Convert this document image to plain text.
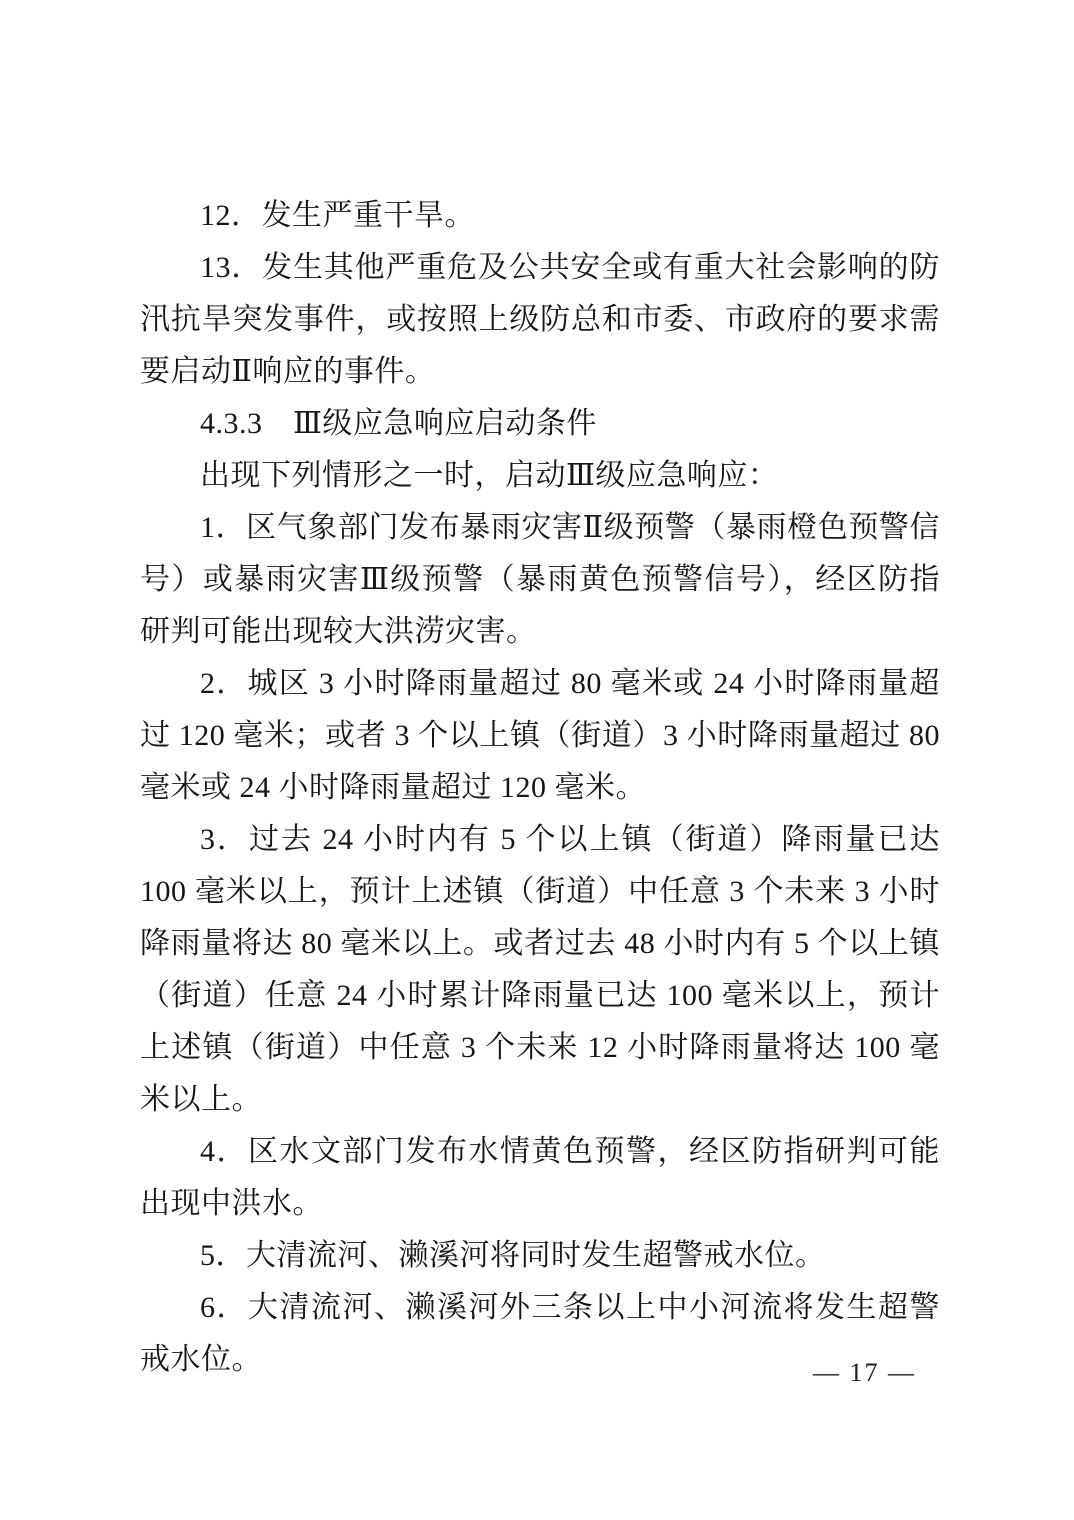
12．发生严重干旱。

13．发生其他严重危及公共安全或有重大社会影响的防汛抗旱突发事件，或按照上级防总和市委、市政府的要求需要启动Ⅱ响应的事件。

4.3.3　Ⅲ级应急响应启动条件

出现下列情形之一时，启动Ⅲ级应急响应：

1．区气象部门发布暴雨灾害Ⅱ级预警（暴雨橙色预警信号）或暴雨灾害Ⅲ级预警（暴雨黄色预警信号），经区防指研判可能出现较大洪涝灾害。

2．城区 3 小时降雨量超过 80 毫米或 24 小时降雨量超过 120 毫米；或者 3 个以上镇（街道）3 小时降雨量超过 80 毫米或 24 小时降雨量超过 120 毫米。

3．过去 24 小时内有 5 个以上镇（街道）降雨量已达 100 毫米以上，预计上述镇（街道）中任意 3 个未来 3 小时降雨量将达 80 毫米以上。或者过去 48 小时内有 5 个以上镇（街道）任意 24 小时累计降雨量已达 100 毫米以上，预计上述镇（街道）中任意 3 个未来 12 小时降雨量将达 100 毫米以上。

4．区水文部门发布水情黄色预警，经区防指研判可能出现中洪水。

5．大清流河、濑溪河将同时发生超警戒水位。

6．大清流河、濑溪河外三条以上中小河流将发生超警戒水位。	— 17 —
